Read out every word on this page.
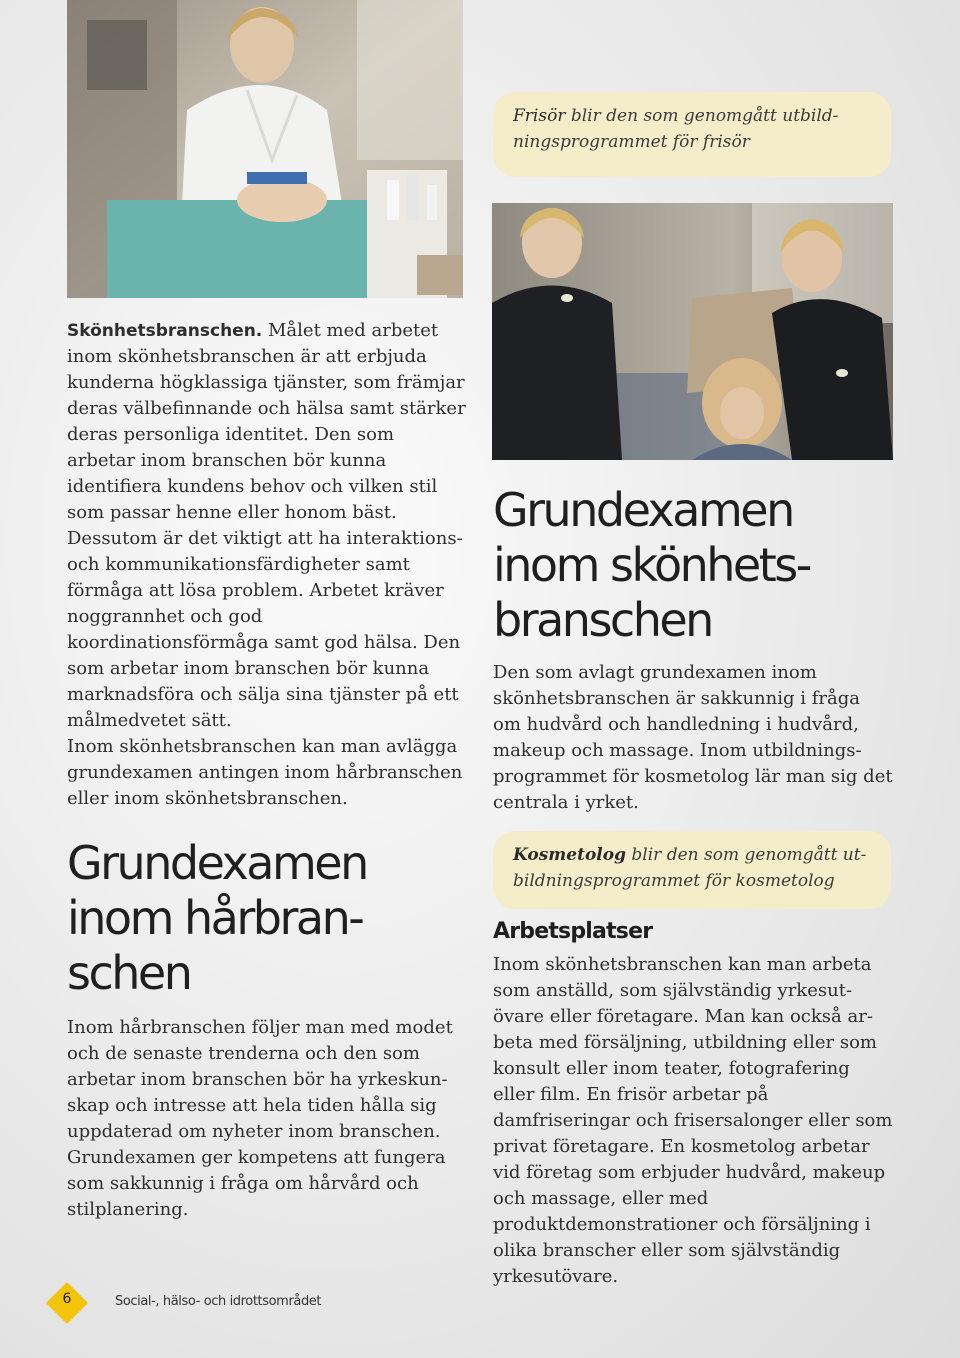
Frisör blir den som genomgått utbildningsprogrammet för frisör

Skönhetsbranschen. Målet med arbetet inom skönhetsbranschen är att erbjuda kunderna högklassiga tjänster, som främjar deras välbefinnande och hälsa samt stärker deras personliga identitet. Den som arbetar inom branschen bör kunna identifiera kundens behov och vilken stil som passar henne eller honom bäst. Dessutom är det viktigt att ha interaktions- och kommunikationsfärdigheter samt förmåga att lösa problem. Arbetet kräver noggrannhet och god koordinationsförmåga samt god hälsa. Den som arbetar inom branschen bör kunna marknadsföra och sälja sina tjänster på ett målmedvetet sätt.

Inom skönhetsbranschen kan man avlägga grundexamen antingen inom hårbranschen eller inom skönhetsbranschen.

Grundexamen
inom hårbran-
schen

Inom hårbranschen följer man med modet och de senaste trenderna och den som arbetar inom branschen bör ha yrkeskunskap och intresse att hela tiden hålla sig uppdaterad om nyheter inom branschen. Grundexamen ger kompetens att fungera som sakkunnig i fråga om hårvård och stilplanering.

Grundexamen
inom skönhets-
branschen

Den som avlagt grundexamen inom skönhetsbranschen är sakkunnig i fråga om hudvård och handledning i hudvård, makeup och massage. Inom utbildningsprogrammet för kosmetolog lär man sig det centrala i yrket.

Kosmetolog blir den som genomgått utbildningsprogrammet för kosmetolog
Arbetsplatser

Inom skönhetsbranschen kan man arbeta som anställd, som självständig yrkesutövare eller företagare. Man kan också arbeta med försäljning, utbildning eller som konsult eller inom teater, fotografering eller film. En frisör arbetar på damfriseringar och frisersalonger eller som privat företagare. En kosmetolog arbetar vid företag som erbjuder hudvård, makeup och massage, eller med produktdemonstrationer och försäljning i olika branscher eller som självständig yrkesutövare.

6	Social-, hälso- och idrottsområdet
